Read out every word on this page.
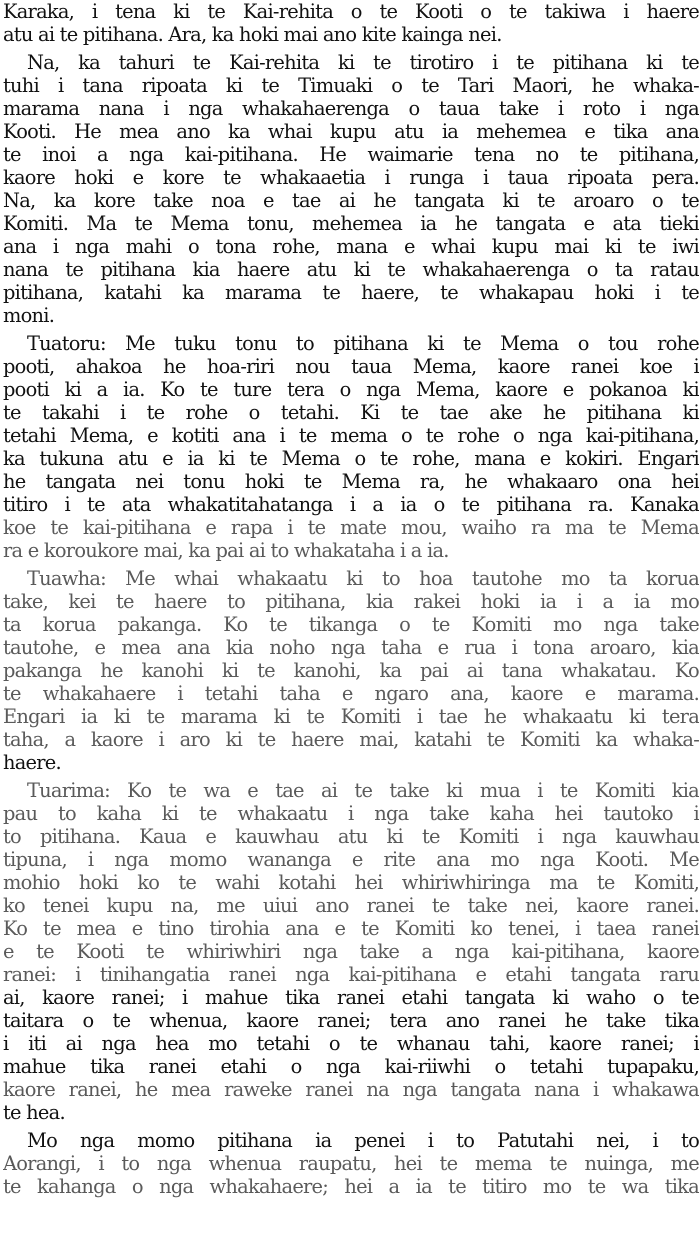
Karaka, i tena ki te Kai-rehita o te Kooti o te takiwa i haere
atu ai te pitihana. Ara, ka hoki mai ano kite kainga nei.
Na, ka tahuri te Kai-rehita ki te tirotiro i te pitihana ki te
tuhi i tana ripoata ki te Timuaki o te Tari Maori, he whaka-
marama nana i nga whakahaerenga o taua take i roto i nga
Kooti. He mea ano ka whai kupu atu ia mehemea e tika ana
te inoi a nga kai-pitihana. He waimarie tena no te pitihana,
kaore hoki e kore te whakaaetia i runga i taua ripoata pera.
Na, ka kore take noa e tae ai he tangata ki te aroaro o te
Komiti. Ma te Mema tonu, mehemea ia he tangata e ata tieki
ana i nga mahi o tona rohe, mana e whai kupu mai ki te iwi
nana te pitihana kia haere atu ki te whakahaerenga o ta ratau
pitihana, katahi ka marama te haere, te whakapau hoki i te
moni.
Tuatoru: Me tuku tonu to pitihana ki te Mema o tou rohe
pooti, ahakoa he hoa-riri nou taua Mema, kaore ranei koe i
pooti ki a ia. Ko te ture tera o nga Mema, kaore e pokanoa ki
te takahi i te rohe o tetahi. Ki te tae ake he pitihana ki
tetahi Mema, e kotiti ana i te mema o te rohe o nga kai-pitihana,
ka tukuna atu e ia ki te Mema o te rohe, mana e kokiri. Engari
he tangata nei tonu hoki te Mema ra, he whakaaro ona hei
titiro i te ata whakatitahatanga i a ia o te pitihana ra. Kanaka
koe te kai-pitihana e rapa i te mate mou, waiho ra ma te Mema
ra e koroukore mai, ka pai ai to whakataha i a ia.
Tuawha: Me whai whakaatu ki to hoa tautohe mo ta korua
take, kei te haere to pitihana, kia rakei hoki ia i a ia mo
ta korua pakanga. Ko te tikanga o te Komiti mo nga take
tautohe, e mea ana kia noho nga taha e rua i tona aroaro, kia
pakanga he kanohi ki te kanohi, ka pai ai tana whakatau. Ko
te whakahaere i tetahi taha e ngaro ana, kaore e marama.
Engari ia ki te marama ki te Komiti i tae he whakaatu ki tera
taha, a kaore i aro ki te haere mai, katahi te Komiti ka whaka-
haere.
Tuarima: Ko te wa e tae ai te take ki mua i te Komiti kia
pau to kaha ki te whakaatu i nga take kaha hei tautoko i
to pitihana. Kaua e kauwhau atu ki te Komiti i nga kauwhau
tipuna, i nga momo wananga e rite ana mo nga Kooti. Me
mohio hoki ko te wahi kotahi hei whiriwhiringa ma te Komiti,
ko tenei kupu na, me uiui ano ranei te take nei, kaore ranei.
Ko te mea e tino tirohia ana e te Komiti ko tenei, i taea ranei
e te Kooti te whiriwhiri nga take a nga kai-pitihana, kaore
ranei: i tinihangatia ranei nga kai-pitihana e etahi tangata raru
ai, kaore ranei; i mahue tika ranei etahi tangata ki waho o te
taitara o te whenua, kaore ranei; tera ano ranei he take tika
i iti ai nga hea mo tetahi o te whanau tahi, kaore ranei; i
mahue tika ranei etahi o nga kai-riiwhi o tetahi tupapaku,
kaore ranei, he mea raweke ranei na nga tangata nana i whakawa
te hea.
Mo nga momo pitihana ia penei i to Patutahi nei, i to
Aorangi, i to nga whenua raupatu, hei te mema te nuinga, me
te kahanga o nga whakahaere; hei a ia te titiro mo te wa tika
